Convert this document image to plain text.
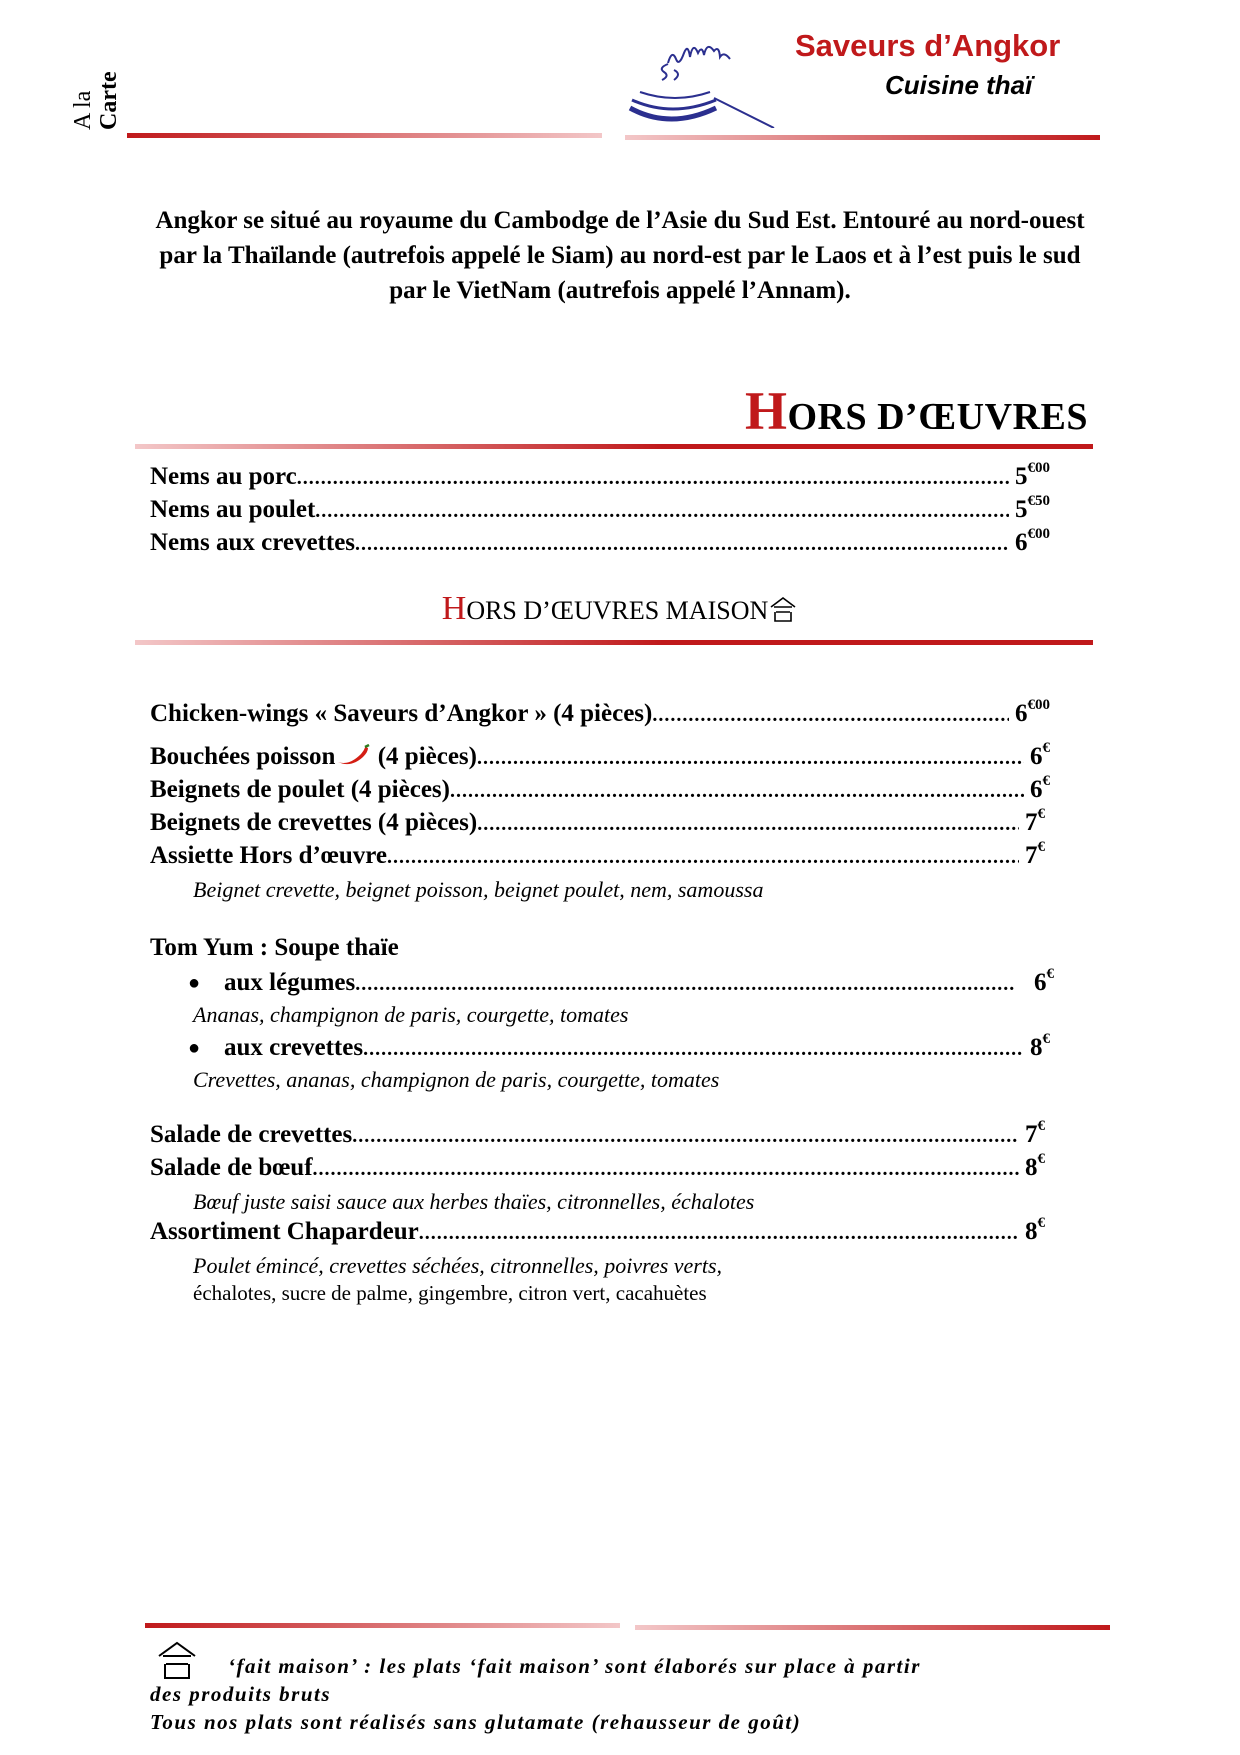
A la Carte
Saveurs d’Angkor
Cuisine thaï
Angkor se situé au royaume du Cambodge de l’Asie du Sud Est. Entouré au nord-ouest par la Thaïlande (autrefois appelé le Siam) au nord-est par le Laos et à l’est puis le sud par le VietNam (autrefois appelé l’Annam).
HORS D’ŒUVRES
Nems au porc .....	$5^{€00}$
Nems au poulet .....	$5^{€50}$
Nems aux crevettes .....	$6^{€00}$
HORS D’ŒUVRES MAISON
Chicken-wings « Saveurs d’Angkor » (4 pièces) .....	$6^{€00}$
Bouchées poisson (4 pièces) .....	6€
Beignets de poulet (4 pièces) .....	6€
Beignets de crevettes (4 pièces) .....	7€
Assiette Hors d’œuvre .....	7€
Beignet crevette, beignet poisson, beignet poulet, nem, samoussa
Tom Yum : Soupe thaïe
● aux légumes .....	6€
Ananas, champignon de paris, courgette, tomates
● aux crevettes .....	8€
Crevettes, ananas, champignon de paris, courgette, tomates
Salade de crevettes .....	7€
Salade de bœuf .....	8€
Bœuf juste saisi sauce aux herbes thaïes, citronnelles, échalotes
Assortiment Chapardeur .....	8€
Poulet émincé, crevettes séchées, citronnelles, poivres verts,
échalotes, sucre de palme, gingembre, citron vert, cacahuètes
‘fait maison’ : les plats ‘fait maison’ sont élaborés sur place à partir
des produits bruts
Tous nos plats sont réalisés sans glutamate (rehausseur de goût)
